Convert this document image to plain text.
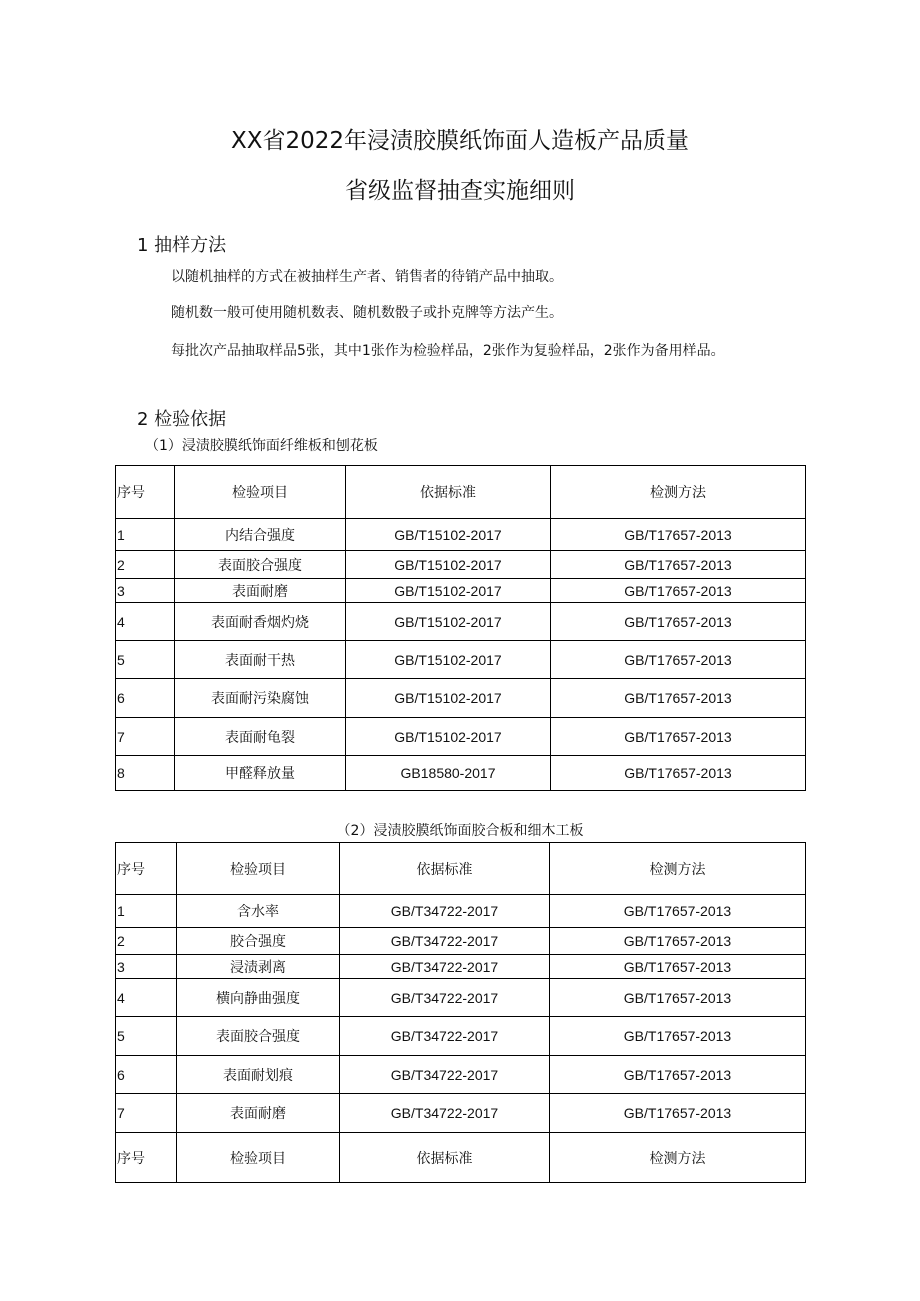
XX省2022年浸渍胶膜纸饰面人造板产品质量
省级监督抽查实施细则
1 抽样方法
以随机抽样的方式在被抽样生产者、销售者的待销产品中抽取。
随机数一般可使用随机数表、随机数骰子或扑克牌等方法产生。
每批次产品抽取样品5张，其中1张作为检验样品，2张作为复验样品，2张作为备用样品。
2 检验依据
（1）浸渍胶膜纸饰面纤维板和刨花板
序号	检验项目	依据标准	检测方法
1	内结合强度	GB/T15102-2017	GB/T17657-2013
2	表面胶合强度	GB/T15102-2017	GB/T17657-2013
3	表面耐磨	GB/T15102-2017	GB/T17657-2013
4	表面耐香烟灼烧	GB/T15102-2017	GB/T17657-2013
5	表面耐干热	GB/T15102-2017	GB/T17657-2013
6	表面耐污染腐蚀	GB/T15102-2017	GB/T17657-2013
7	表面耐龟裂	GB/T15102-2017	GB/T17657-2013
8	甲醛释放量	GB18580-2017	GB/T17657-2013
（2）浸渍胶膜纸饰面胶合板和细木工板
序号	检验项目	依据标准	检测方法
1	含水率	GB/T34722-2017	GB/T17657-2013
2	胶合强度	GB/T34722-2017	GB/T17657-2013
3	浸渍剥离	GB/T34722-2017	GB/T17657-2013
4	横向静曲强度	GB/T34722-2017	GB/T17657-2013
5	表面胶合强度	GB/T34722-2017	GB/T17657-2013
6	表面耐划痕	GB/T34722-2017	GB/T17657-2013
7	表面耐磨	GB/T34722-2017	GB/T17657-2013
序号	检验项目	依据标准	检测方法
